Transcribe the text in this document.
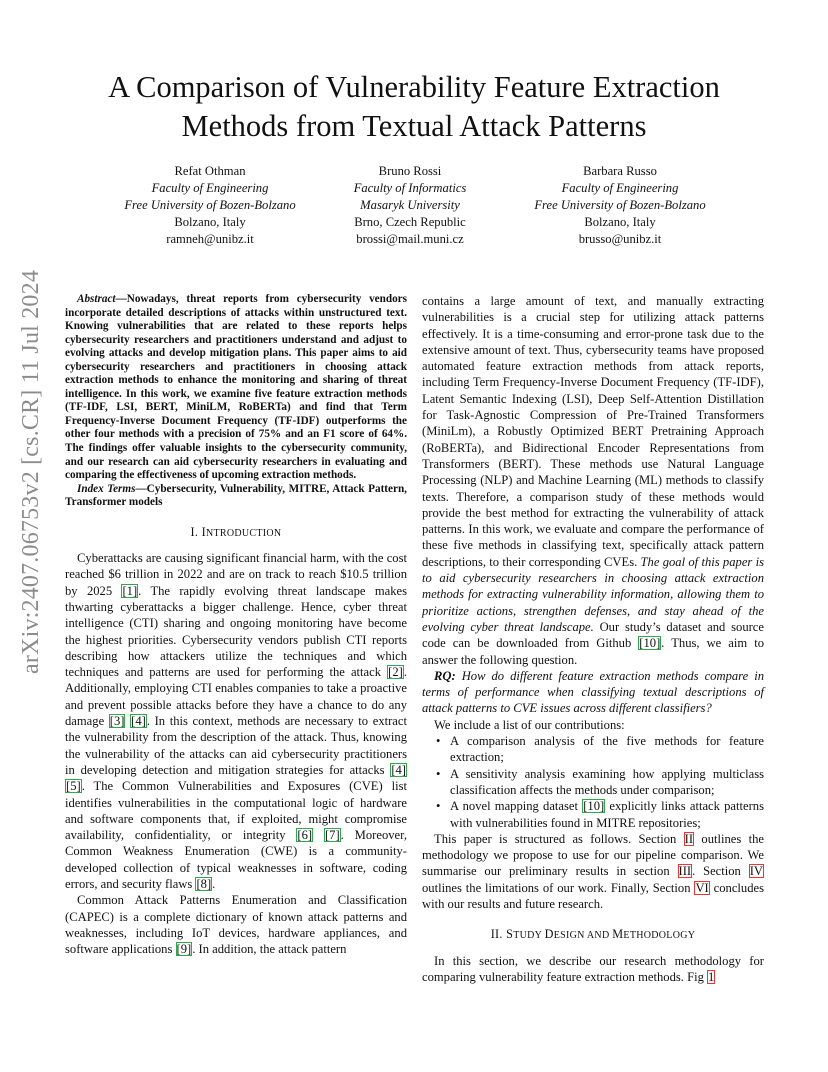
A Comparison of Vulnerability Feature Extraction Methods from Textual Attack Patterns
Refat Othman
Faculty of Engineering
Free University of Bozen-Bolzano
Bolzano, Italy
ramneh@unibz.it
Bruno Rossi
Faculty of Informatics
Masaryk University
Brno, Czech Republic
brossi@mail.muni.cz
Barbara Russo
Faculty of Engineering
Free University of Bozen-Bolzano
Bolzano, Italy
brusso@unibz.it
arXiv:2407.06753v2 [cs.CR] 11 Jul 2024	Abstract—Nowadays, threat reports from cybersecurity vendors incorporate detailed descriptions of attacks within unstructured text. Knowing vulnerabilities that are related to these reports helps cybersecurity researchers and practitioners understand and adjust to evolving attacks and develop mitigation plans. This paper aims to aid cybersecurity researchers and practitioners in choosing attack extraction methods to enhance the monitoring and sharing of threat intelligence. In this work, we examine five feature extraction methods (TF-IDF, LSI, BERT, MiniLM, RoBERTa) and find that Term Frequency-Inverse Document Frequency (TF-IDF) outperforms the other four methods with a precision of 75% and an F1 score of 64%. The findings offer valuable insights to the cybersecurity community, and our research can aid cybersecurity researchers in evaluating and comparing the effectiveness of upcoming extraction methods.

Index Terms—Cybersecurity, Vulnerability, MITRE, Attack Pattern, Transformer models

I. INTRODUCTION

Cyberattacks are causing significant financial harm, with the cost reached $6 trillion in 2022 and are on track to reach $10.5 trillion by 2025 [1]. The rapidly evolving threat landscape makes thwarting cyberattacks a bigger challenge. Hence, cyber threat intelligence (CTI) sharing and ongoing monitoring have become the highest priorities. Cybersecurity vendors publish CTI reports describing how attackers utilize the techniques and which techniques and patterns are used for performing the attack [2]. Additionally, employing CTI enables companies to take a proactive and prevent possible attacks before they have a chance to do any damage [3] [4]. In this context, methods are necessary to extract the vulnerability from the description of the attack. Thus, knowing the vulnerability of the attacks can aid cybersecurity practitioners in developing detection and mitigation strategies for attacks [4] [5]. The Common Vulnerabilities and Exposures (CVE) list identifies vulnerabilities in the computational logic of hardware and software components that, if exploited, might compromise availability, confidentiality, or integrity [6] [7]. Moreover, Common Weakness Enumeration (CWE) is a community-developed collection of typical weaknesses in software, coding errors, and security flaws [8].

Common Attack Patterns Enumeration and Classification (CAPEC) is a complete dictionary of known attack patterns and weaknesses, including IoT devices, hardware appliances, and software applications [9]. In addition, the attack pattern

contains a large amount of text, and manually extracting vulnerabilities is a crucial step for utilizing attack patterns effectively. It is a time-consuming and error-prone task due to the extensive amount of text. Thus, cybersecurity teams have proposed automated feature extraction methods from attack reports, including Term Frequency-Inverse Document Frequency (TF-IDF), Latent Semantic Indexing (LSI), Deep Self-Attention Distillation for Task-Agnostic Compression of Pre-Trained Transformers (MiniLm), a Robustly Optimized BERT Pretraining Approach (RoBERTa), and Bidirectional Encoder Representations from Transformers (BERT). These methods use Natural Language Processing (NLP) and Machine Learning (ML) methods to classify texts. Therefore, a comparison study of these methods would provide the best method for extracting the vulnerability of attack patterns. In this work, we evaluate and compare the performance of these five methods in classifying text, specifically attack pattern descriptions, to their corresponding CVEs. The goal of this paper is to aid cybersecurity researchers in choosing attack extraction methods for extracting vulnerability information, allowing them to prioritize actions, strengthen defenses, and stay ahead of the evolving cyber threat landscape. Our study’s dataset and source code can be downloaded from Github [10]. Thus, we aim to answer the following question.

RQ: How do different feature extraction methods compare in terms of performance when classifying textual descriptions of attack patterns to CVE issues across different classifiers?

We include a list of our contributions:

• A comparison analysis of the five methods for feature extraction;
• A sensitivity analysis examining how applying multiclass classification affects the methods under comparison;
• A novel mapping dataset [10] explicitly links attack patterns with vulnerabilities found in MITRE repositories;

This paper is structured as follows. Section II outlines the methodology we propose to use for our pipeline comparison. We summarise our preliminary results in section III. Section IV outlines the limitations of our work. Finally, Section VI concludes with our results and future research.

II. STUDY DESIGN AND METHODOLOGY

In this section, we describe our research methodology for comparing vulnerability feature extraction methods. Fig 1
